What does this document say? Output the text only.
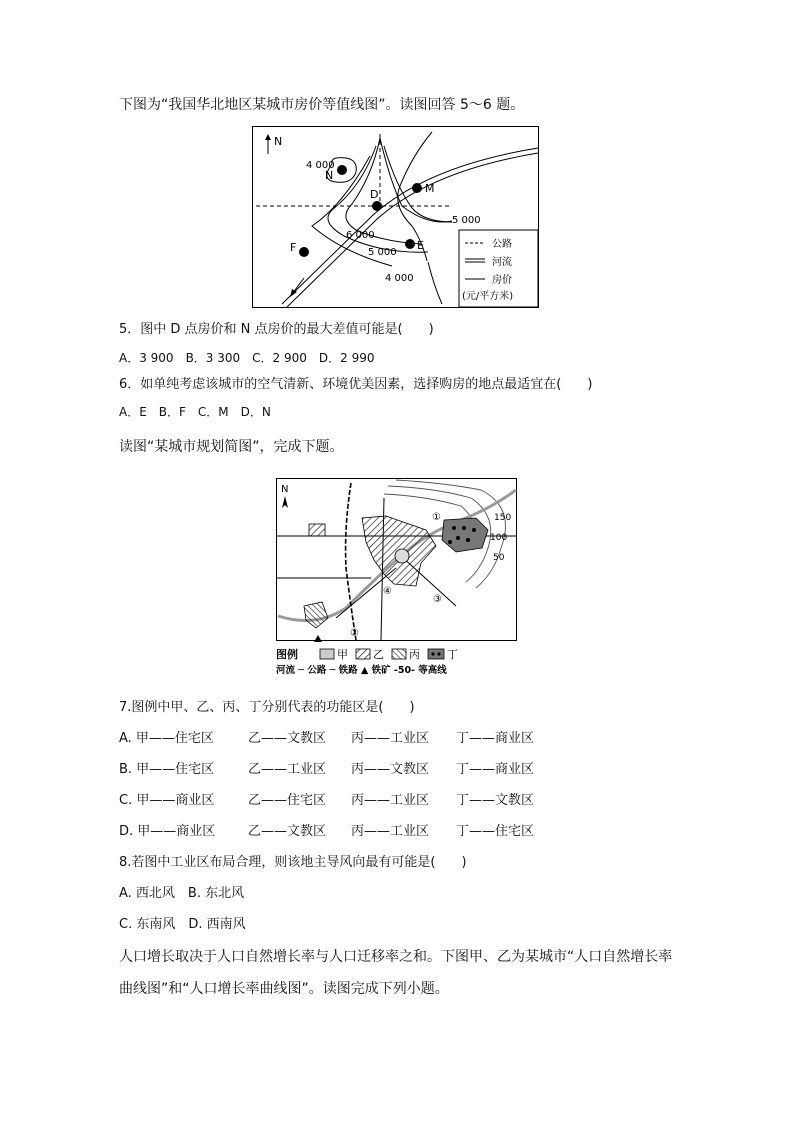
下图为“我国华北地区某城市房价等值线图”。读图回答 5～6 题。
N
4 000
N
D	M
E
F
5 000
6 000
5 000
4 000
公路
河流
房价
(元/平方米)
5．图中 D 点房价和 N 点房价的最大差值可能是(　　)
A．3 900　B．3 300　C．2 900　D．2 990
6．如单纯考虑该城市的空气清新、环境优美因素，选择购房的地点最适宜在(　　)
A．E　B．F　C．M　D．N
读图“某城市规划简图”，完成下题。
N
150
100
50
①
②
③
④
图例	甲 乙 丙 丁
河流 ─ 公路 ─ 铁路 ▲ 铁矿 -50- 等高线
7.图例中甲、乙、丙、丁分别代表的功能区是(　　)
A. 甲——住宅区	乙——文教区 丙——工业区 丁——商业区
B. 甲——住宅区	乙——工业区 丙——文教区 丁——商业区
C. 甲——商业区	乙——住宅区 丙——工业区 丁——文教区
D. 甲——商业区	乙——文教区 丙——工业区 丁——住宅区
8.若图中工业区布局合理，则该地主导风向最有可能是(　　)
A. 西北风　B. 东北风
C. 东南风　D. 西南风
人口增长取决于人口自然增长率与人口迁移率之和。下图甲、乙为某城市“人口自然增长率
曲线图”和“人口增长率曲线图”。读图完成下列小题。
